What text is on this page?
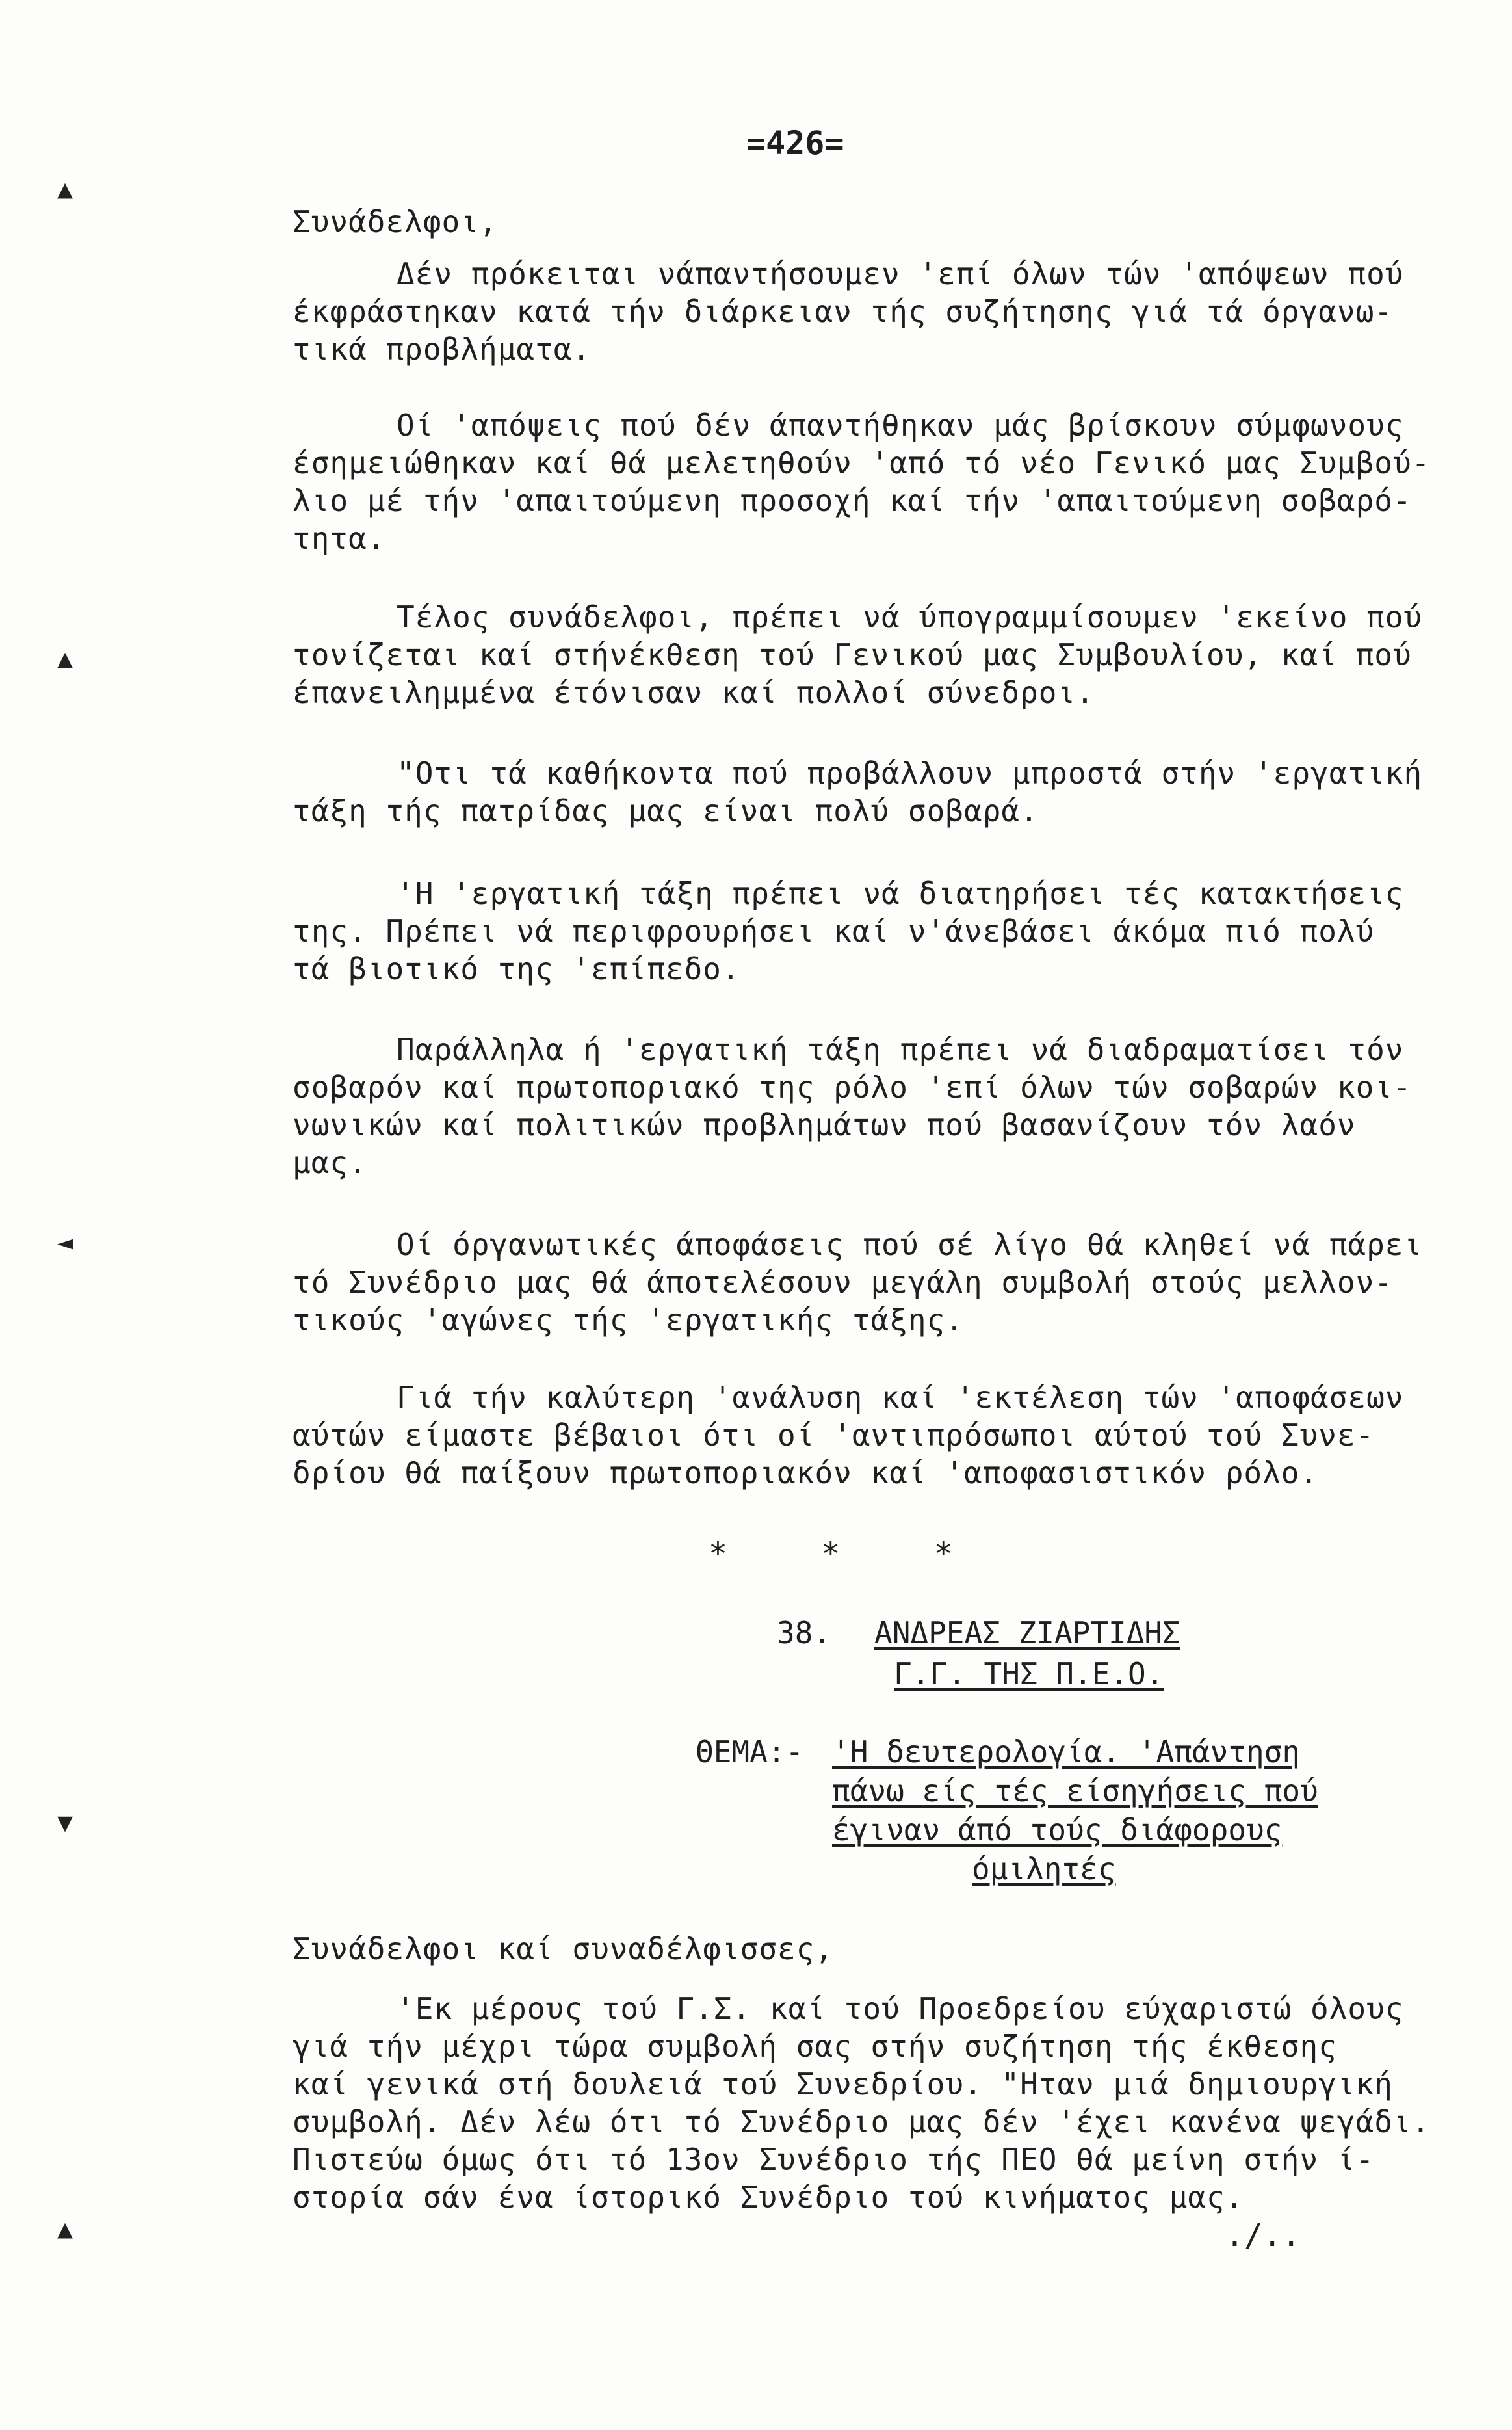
▲
▲
◄
▼
▲
=426=
Συνάδελφοι,
Δέν πρόκειται νάπαντήσουμεν 'επί όλων τών 'απόψεων πού
έκφράστηκαν κατά τήν διάρκειαν τής συζήτησης γιά τά όργανω-
τικά προβλήματα.
Οί 'απόψεις πού δέν άπαντήθηκαν μάς βρίσκουν σύμφωνους
έσημειώθηκαν καί θά μελετηθούν 'από τό νέο Γενικό μας Συμβού-
λιο μέ τήν 'απαιτούμενη προσοχή καί τήν 'απαιτούμενη σοβαρό-
τητα.
Τέλος συνάδελφοι, πρέπει νά ύπογραμμίσουμεν 'εκείνο πού
τονίζεται καί στήνέκθεση τού Γενικού μας Συμβουλίου, καί πού
έπανειλημμένα έτόνισαν καί πολλοί σύνεδροι.
"Οτι τά καθήκοντα πού προβάλλουν μπροστά στήν 'εργατική
τάξη τής πατρίδας μας είναι πολύ σοβαρά.
'Η 'εργατική τάξη πρέπει νά διατηρήσει τές κατακτήσεις
της. Πρέπει νά περιφρουρήσει καί ν'άνεβάσει άκόμα πιό πολύ
τά βιοτικό της 'επίπεδο.
Παράλληλα ή 'εργατική τάξη πρέπει νά διαδραματίσει τόν
σοβαρόν καί πρωτοποριακό της ρόλο 'επί όλων τών σοβαρών κοι-
νωνικών καί πολιτικών προβλημάτων πού βασανίζουν τόν λαόν
μας.
Οί όργανωτικές άποφάσεις πού σέ λίγο θά κληθεί νά πάρει
τό Συνέδριο μας θά άποτελέσουν μεγάλη συμβολή στούς μελλον-
τικούς 'αγώνες τής 'εργατικής τάξης.
Γιά τήν καλύτερη 'ανάλυση καί 'εκτέλεση τών 'αποφάσεων
αύτών είμαστε βέβαιοι ότι οί 'αντιπρόσωποι αύτού τού Συνε-
δρίου θά παίξουν πρωτοποριακόν καί 'αποφασιστικόν ρόλο.
*     *     *
38. ΑΝΔΡΕΑΣ ΖΙΑΡΤΙΔΗΣ
Γ.Γ. ΤΗΣ Π.Ε.Ο.
ΘΕΜΑ:- 'Η δευτερολογία. 'Απάντηση
πάνω είς τές είσηγήσεις πού
έγιναν άπό τούς διάφορους
όμιλητές
Συνάδελφοι καί συναδέλφισσες,
'Εκ μέρους τού Γ.Σ. καί τού Προεδρείου εύχαριστώ όλους
γιά τήν μέχρι τώρα συμβολή σας στήν συζήτηση τής έκθεσης
καί γενικά στή δουλειά τού Συνεδρίου. "Ηταν μιά δημιουργική
συμβολή. Δέν λέω ότι τό Συνέδριο μας δέν 'έχει κανένα ψεγάδι.
Πιστεύω όμως ότι τό 13ον Συνέδριο τής ΠΕΟ θά μείνη στήν ί-
στορία σάν ένα ίστορικό Συνέδριο τού κινήματος μας.
./..
